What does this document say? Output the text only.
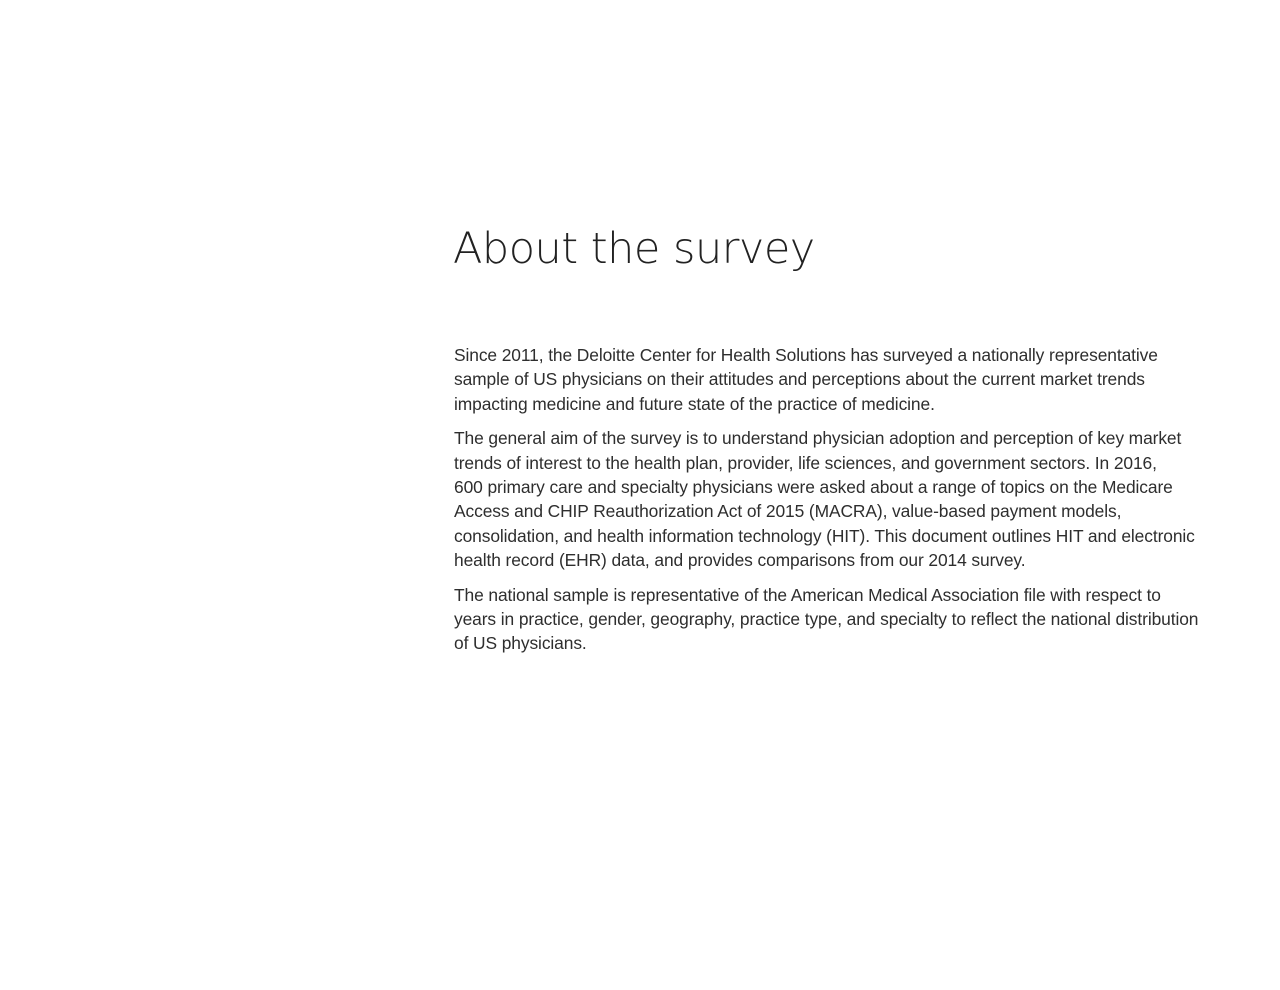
About the survey

Since 2011, the Deloitte Center for Health Solutions has surveyed a nationally representative
sample of US physicians on their attitudes and perceptions about the current market trends
impacting medicine and future state of the practice of medicine.

The general aim of the survey is to understand physician adoption and perception of key market
trends of interest to the health plan, provider, life sciences, and government sectors. In 2016,
600 primary care and specialty physicians were asked about a range of topics on the Medicare
Access and CHIP Reauthorization Act of 2015 (MACRA), value-based payment models,
consolidation, and health information technology (HIT). This document outlines HIT and electronic
health record (EHR) data, and provides comparisons from our 2014 survey.

The national sample is representative of the American Medical Association file with respect to
years in practice, gender, geography, practice type, and specialty to reflect the national distribution
of US physicians.
